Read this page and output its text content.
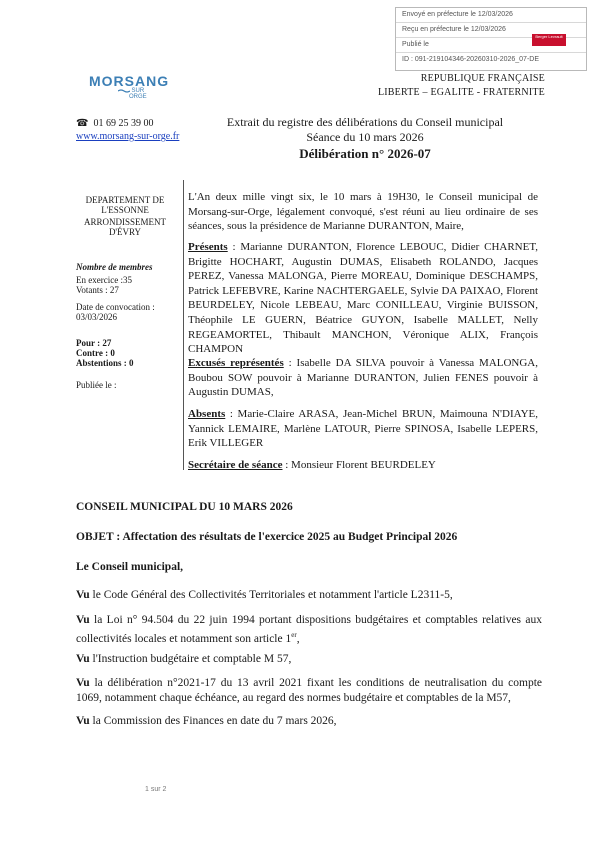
Envoyé en préfecture le 12/03/2026
Reçu en préfecture le 12/03/2026
Publié le
ID : 091-219104346-20260310-2026_07-DE
Berger Levrault
MORSANG
SUR
ORGE
☎ 01 69 25 39 00
www.morsang-sur-orge.fr
REPUBLIQUE FRANÇAISE
LIBERTE – EGALITE - FRATERNITE
Extrait du registre des délibérations du Conseil municipal
Séance du 10 mars 2026
Délibération n° 2026-07
DEPARTEMENT DE
L'ESSONNE
ARRONDISSEMENT
D'ÉVRY
Nombre de membres
En exercice :35
Votants : 27
Date de convocation :
03/03/2026
Pour : 27
Contre : 0
Abstentions : 0
Publiée le :
L'An deux mille vingt six, le 10 mars à 19H30, le Conseil municipal de Morsang-sur-Orge, légalement convoqué, s'est réuni au lieu ordinaire de ses séances, sous la présidence de Marianne DURANTON, Maire,
Présents : Marianne DURANTON, Florence LEBOUC, Didier CHARNET, Brigitte HOCHART, Augustin DUMAS, Elisabeth ROLANDO, Jacques PEREZ, Vanessa MALONGA, Pierre MOREAU, Dominique DESCHAMPS, Patrick LEFEBVRE, Karine NACHTERGAELE, Sylvie DA PAIXAO, Florent BEURDELEY, Nicole LEBEAU, Marc CONILLEAU, Virginie BUISSON, Théophile LE GUERN, Béatrice GUYON, Isabelle MALLET, Nelly REGEAMORTEL, Thibault MANCHON, Véronique ALIX, François CHAMPON
Excusés représentés : Isabelle DA SILVA pouvoir à Vanessa MALONGA, Boubou SOW pouvoir à Marianne DURANTON, Julien FENES pouvoir à Augustin DUMAS,
Absents : Marie-Claire ARASA, Jean-Michel BRUN, Maimouna N'DIAYE, Yannick LEMAIRE, Marlène LATOUR, Pierre SPINOSA, Isabelle LEPERS, Erik VILLEGER
Secrétaire de séance : Monsieur Florent BEURDELEY
CONSEIL MUNICIPAL DU 10 MARS 2026
OBJET : Affectation des résultats de l'exercice 2025 au Budget Principal 2026
Le Conseil municipal,
Vu le Code Général des Collectivités Territoriales et notamment l'article L2311-5,
Vu la Loi n° 94.504 du 22 juin 1994 portant dispositions budgétaires et comptables relatives aux collectivités locales et notamment son article 1er,
Vu l'Instruction budgétaire et comptable M 57,
Vu la délibération n°2021-17 du 13 avril 2021 fixant les conditions de neutralisation du compte 1069, notamment chaque échéance, au regard des normes budgétaire et comptables de la M57,
Vu la Commission des Finances en date du 7 mars 2026,
1 sur 2
